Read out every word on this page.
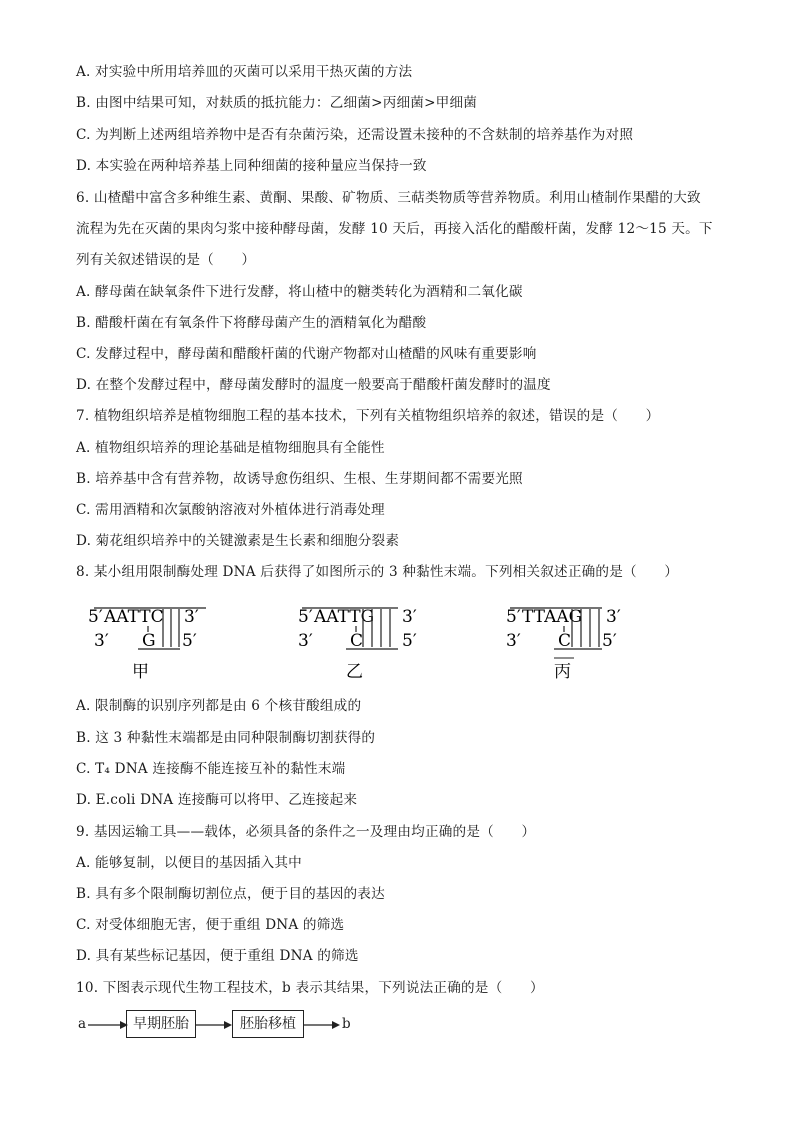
A. 对实验中所用培养皿的灭菌可以采用干热灭菌的方法
B. 由图中结果可知，对麸质的抵抗能力：乙细菌>丙细菌>甲细菌
C. 为判断上述两组培养物中是否有杂菌污染，还需设置未接种的不含麸制的培养基作为对照
D. 本实验在两种培养基上同种细菌的接种量应当保持一致
6. 山楂醋中富含多种维生素、黄酮、果酸、矿物质、三萜类物质等营养物质。利用山楂制作果醋的大致
流程为先在灭菌的果肉匀浆中接种酵母菌，发酵 10 天后，再接入活化的醋酸杆菌，发酵 12～15 天。下
列有关叙述错误的是（　　）
A. 酵母菌在缺氧条件下进行发酵，将山楂中的糖类转化为酒精和二氧化碳
B. 醋酸杆菌在有氧条件下将酵母菌产生的酒精氧化为醋酸
C. 发酵过程中，酵母菌和醋酸杆菌的代谢产物都对山楂醋的风味有重要影响
D. 在整个发酵过程中，酵母菌发酵时的温度一般要高于醋酸杆菌发酵时的温度
7. 植物组织培养是植物细胞工程的基本技术，下列有关植物组织培养的叙述，错误的是（　　）
A. 植物组织培养的理论基础是植物细胞具有全能性
B. 培养基中含有营养物，故诱导愈伤组织、生根、生芽期间都不需要光照
C. 需用酒精和次氯酸钠溶液对外植体进行消毒处理
D. 菊花组织培养中的关键激素是生长素和细胞分裂素
8. 某小组用限制酶处理 DNA 后获得了如图所示的 3 种黏性末端。下列相关叙述正确的是（　　）
5′ AATTC 3′
3′ G 5′
甲
5′ AATTG 3′
3′ C 5′
乙
5′ TTAAG 3′
3′ C 5′
丙
A. 限制酶的识别序列都是由 6 个核苷酸组成的
B. 这 3 种黏性末端都是由同种限制酶切割获得的
C. T₄ DNA 连接酶不能连接互补的黏性末端
D. E.coli DNA 连接酶可以将甲、乙连接起来
9. 基因运输工具——载体，必须具备的条件之一及理由均正确的是（　　）
A. 能够复制，以便目的基因插入其中
B. 具有多个限制酶切割位点，便于目的基因的表达
C. 对受体细胞无害，便于重组 DNA 的筛选
D. 具有某些标记基因，便于重组 DNA 的筛选
10. 下图表示现代生物工程技术，b 表示其结果，下列说法正确的是（　　）
a	早期胚胎	胚胎移植	b
